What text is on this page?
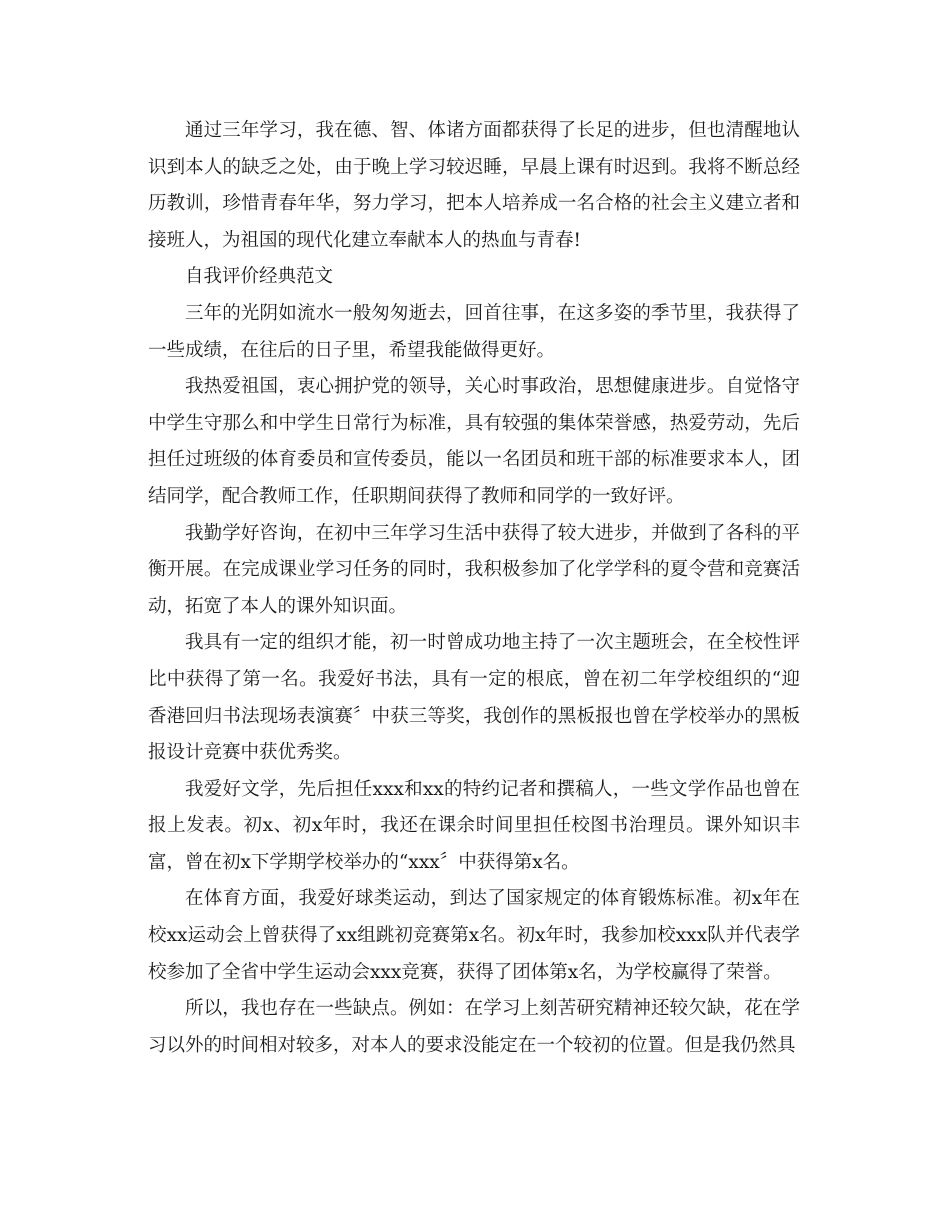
通过三年学习，我在德、智、体诸方面都获得了长足的进步，但也清醒地认识到本人的缺乏之处，由于晚上学习较迟睡，早晨上课有时迟到。我将不断总经历教训，珍惜青春年华，努力学习，把本人培养成一名合格的社会主义建立者和接班人，为祖国的现代化建立奉献本人的热血与青春!

自我评价经典范文

三年的光阴如流水一般匆匆逝去，回首往事，在这多姿的季节里，我获得了一些成绩，在往后的日子里，希望我能做得更好。

我热爱祖国，衷心拥护党的领导，关心时事政治，思想健康进步。自觉恪守中学生守那么和中学生日常行为标准，具有较强的集体荣誉感，热爱劳动，先后担任过班级的体育委员和宣传委员，能以一名团员和班干部的标准要求本人，团结同学，配合教师工作，任职期间获得了教师和同学的一致好评。

我勤学好咨询，在初中三年学习生活中获得了较大进步，并做到了各科的平衡开展。在完成课业学习任务的同时，我积极参加了化学学科的夏令营和竞赛活动，拓宽了本人的课外知识面。

我具有一定的组织才能，初一时曾成功地主持了一次主题班会，在全校性评比中获得了第一名。我爱好书法，具有一定的根底，曾在初二年学校组织的“迎香港回归书法现场表演赛〞中获三等奖，我创作的黑板报也曾在学校举办的黑板报设计竞赛中获优秀奖。

我爱好文学，先后担任xxx和xx的特约记者和撰稿人，一些文学作品也曾在报上发表。初x、初x年时，我还在课余时间里担任校图书治理员。课外知识丰富，曾在初x下学期学校举办的“xxx〞中获得第x名。

在体育方面，我爱好球类运动，到达了国家规定的体育锻炼标准。初x年在校xx运动会上曾获得了xx组跳初竞赛第x名。初x年时，我参加校xxx队并代表学校参加了全省中学生运动会xxx竞赛，获得了团体第x名，为学校赢得了荣誉。

所以，我也存在一些缺点。例如：在学习上刻苦研究精神还较欠缺，花在学习以外的时间相对较多，对本人的要求没能定在一个较初的位置。但是我仍然具
